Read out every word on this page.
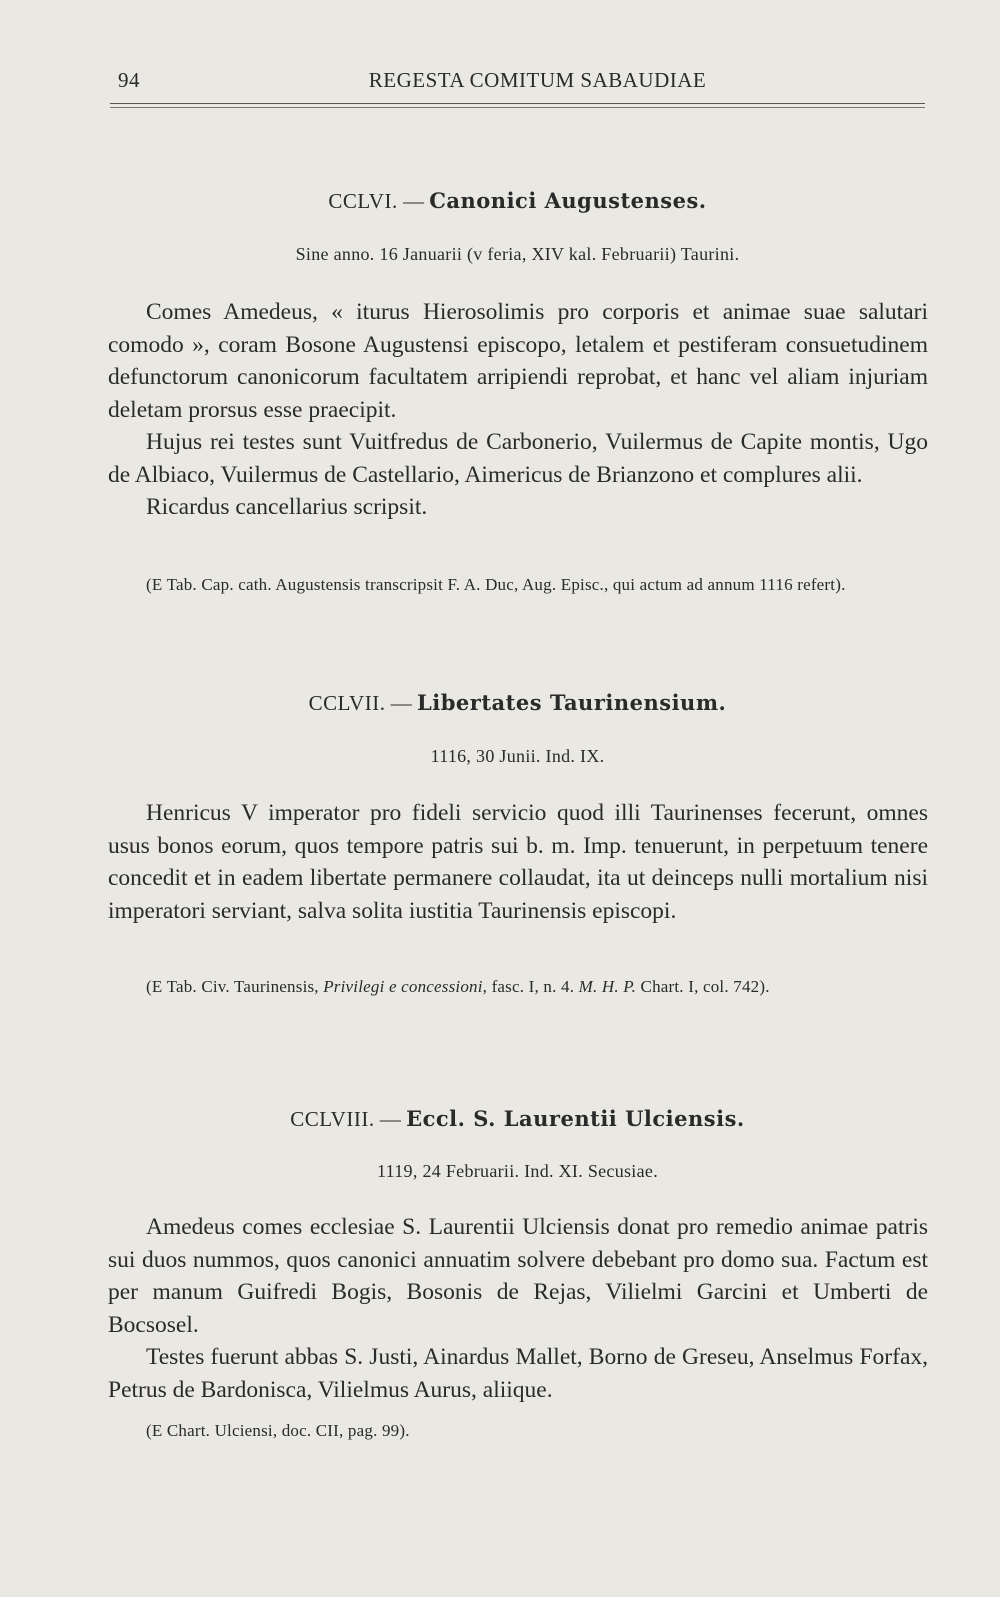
94	REGESTA COMITUM SABAUDIAE
CCLVI. — Canonici Augustenses.
Sine anno. 16 Januarii (v feria, XIV kal. Februarii) Taurini.

Comes Amedeus, « iturus Hierosolimis pro corporis et animae suae salutari comodo », coram Bosone Augustensi episcopo, letalem et pestiferam consuetudinem defunctorum canonicorum facultatem arripiendi reprobat, et hanc vel aliam injuriam deletam prorsus esse praecipit.

Hujus rei testes sunt Vuitfredus de Carbonerio, Vuilermus de Capite montis, Ugo de Albiaco, Vuilermus de Castellario, Aimericus de Brianzono et complures alii.

Ricardus cancellarius scripsit.

(E Tab. Cap. cath. Augustensis transcripsit F. A. Duc, Aug. Episc., qui actum ad annum 1116 refert).

CCLVII. — Libertates Taurinensium.
1116, 30 Junii. Ind. IX.

Henricus V imperator pro fideli servicio quod illi Taurinenses fecerunt, omnes usus bonos eorum, quos tempore patris sui b. m. Imp. tenuerunt, in perpetuum tenere concedit et in eadem libertate permanere collaudat, ita ut deinceps nulli mortalium nisi imperatori serviant, salva solita iustitia Taurinensis episcopi.

(E Tab. Civ. Taurinensis, Privilegi e concessioni, fasc. I, n. 4. M. H. P. Chart. I, col. 742).

CCLVIII. — Eccl. S. Laurentii Ulciensis.
1119, 24 Februarii. Ind. XI. Secusiae.

Amedeus comes ecclesiae S. Laurentii Ulciensis donat pro remedio animae patris sui duos nummos, quos canonici annuatim solvere debebant pro domo sua. Factum est per manum Guifredi Bogis, Bosonis de Rejas, Vilielmi Garcini et Umberti de Bocsosel.

Testes fuerunt abbas S. Justi, Ainardus Mallet, Borno de Greseu, Anselmus Forfax, Petrus de Bardonisca, Vilielmus Aurus, aliique.

(E Chart. Ulciensi, doc. CII, pag. 99).
